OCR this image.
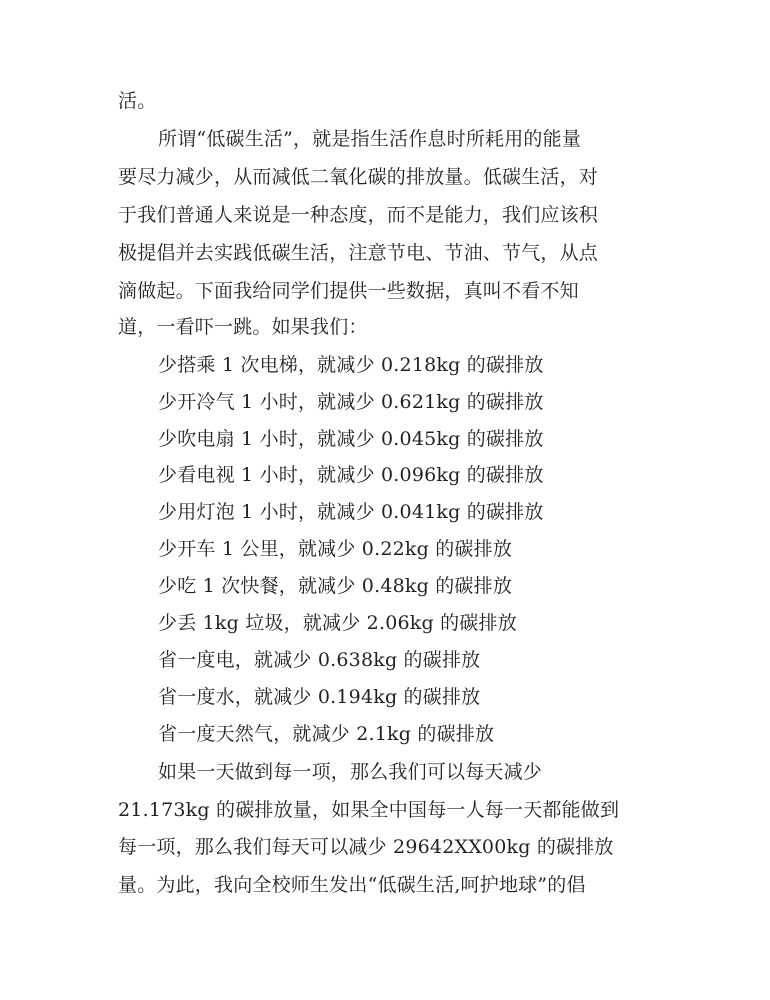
活。
所谓“低碳生活”，就是指生活作息时所耗用的能量
要尽力减少，从而减低二氧化碳的排放量。低碳生活，对
于我们普通人来说是一种态度，而不是能力，我们应该积
极提倡并去实践低碳生活，注意节电、节油、节气，从点
滴做起。下面我给同学们提供一些数据，真叫不看不知
道，一看吓一跳。如果我们：
少搭乘 1 次电梯，就减少 0.218kg 的碳排放
少开冷气 1 小时，就减少 0.621kg 的碳排放
少吹电扇 1 小时，就减少 0.045kg 的碳排放
少看电视 1 小时，就减少 0.096kg 的碳排放
少用灯泡 1 小时，就减少 0.041kg 的碳排放
少开车 1 公里，就减少 0.22kg 的碳排放
少吃 1 次快餐，就减少 0.48kg 的碳排放
少丢 1kg 垃圾，就减少 2.06kg 的碳排放
省一度电，就减少 0.638kg 的碳排放
省一度水，就减少 0.194kg 的碳排放
省一度天然气，就减少 2.1kg 的碳排放
如果一天做到每一项，那么我们可以每天减少
21.173kg 的碳排放量，如果全中国每一人每一天都能做到
每一项，那么我们每天可以减少 29642XX00kg 的碳排放
量。为此，我向全校师生发出“低碳生活,呵护地球”的倡
